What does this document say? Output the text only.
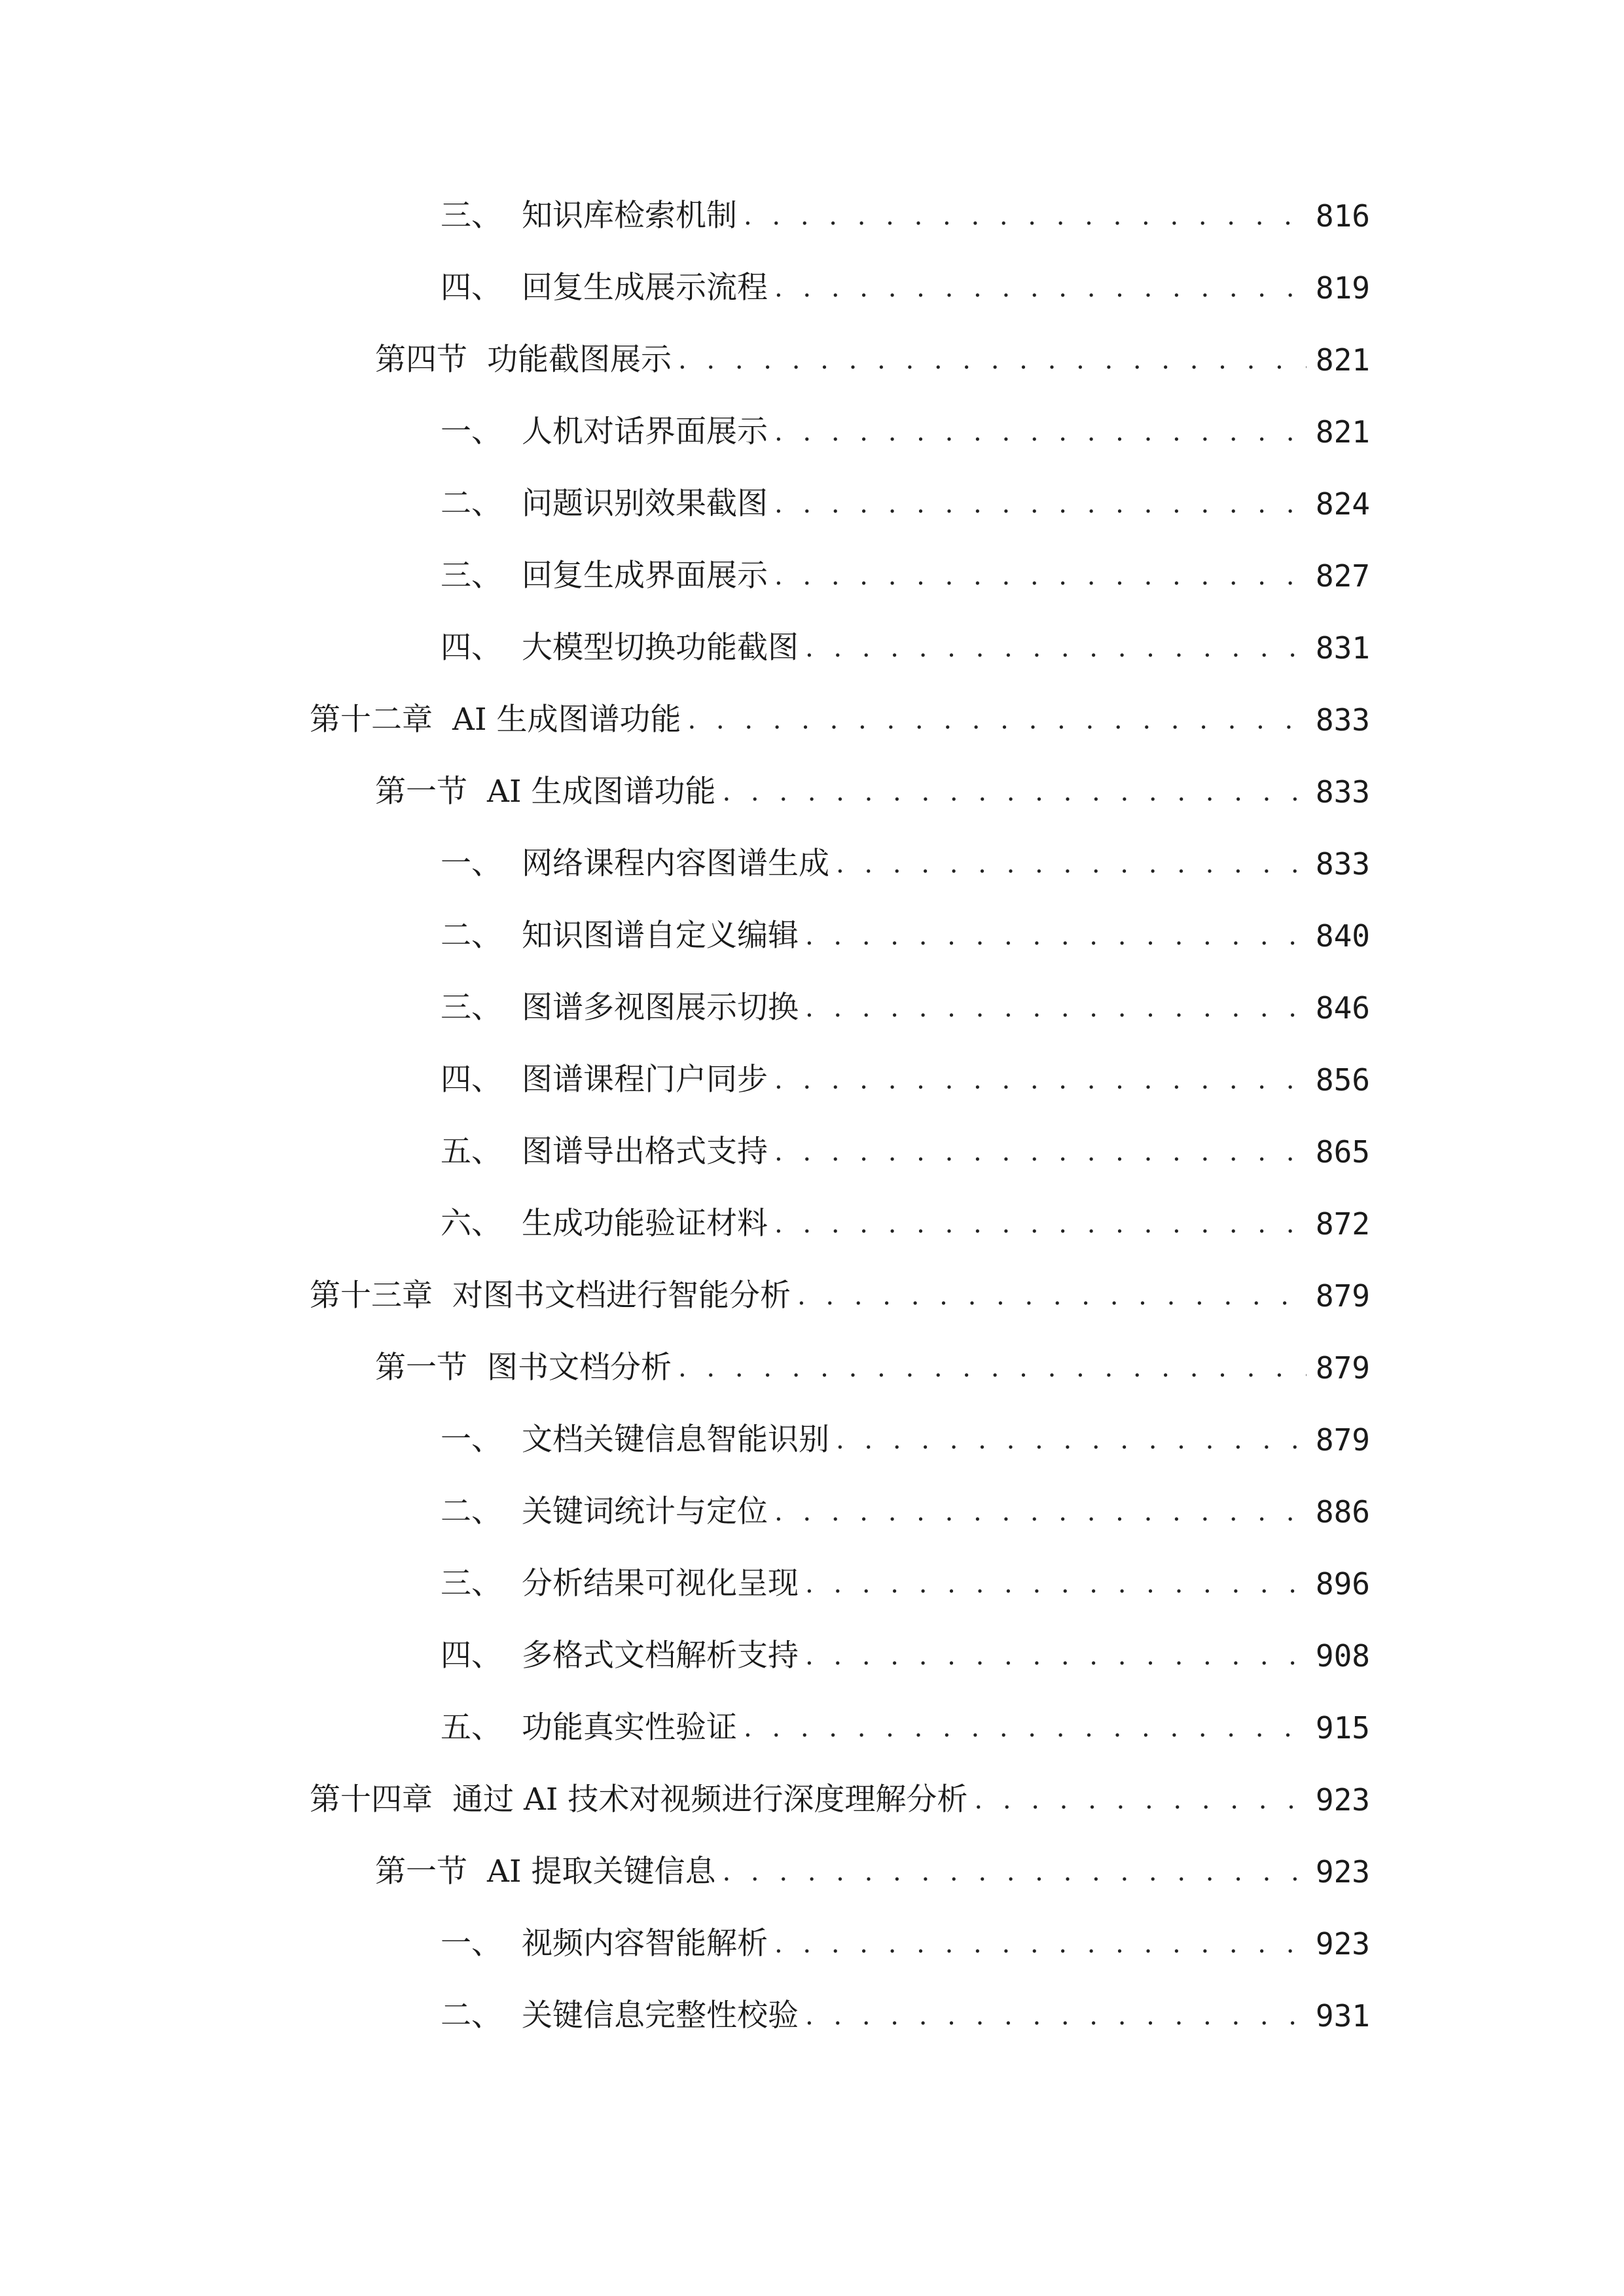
三、 知识库检索机制 . . .	816
四、 回复生成展示流程 . . .	819
第四节 功能截图展示 . . .	821
一、 人机对话界面展示 . . .	821
二、 问题识别效果截图 . . .	824
三、 回复生成界面展示 . . .	827
四、 大模型切换功能截图 . . .	831
第十二章 AI 生成图谱功能 . . .	833
第一节 AI 生成图谱功能 . . .	833
一、 网络课程内容图谱生成 . . .	833
二、 知识图谱自定义编辑 . . .	840
三、 图谱多视图展示切换 . . .	846
四、 图谱课程门户同步 . . .	856
五、 图谱导出格式支持 . . .	865
六、 生成功能验证材料 . . .	872
第十三章 对图书文档进行智能分析 . . .	879
第一节 图书文档分析 . . .	879
一、 文档关键信息智能识别 . . .	879
二、 关键词统计与定位 . . .	886
三、 分析结果可视化呈现 . . .	896
四、 多格式文档解析支持 . . .	908
五、 功能真实性验证 . . .	915
第十四章 通过 AI 技术对视频进行深度理解分析 . . .	923
第一节 AI 提取关键信息 . . .	923
一、 视频内容智能解析 . . .	923
二、 关键信息完整性校验 . . .	931
